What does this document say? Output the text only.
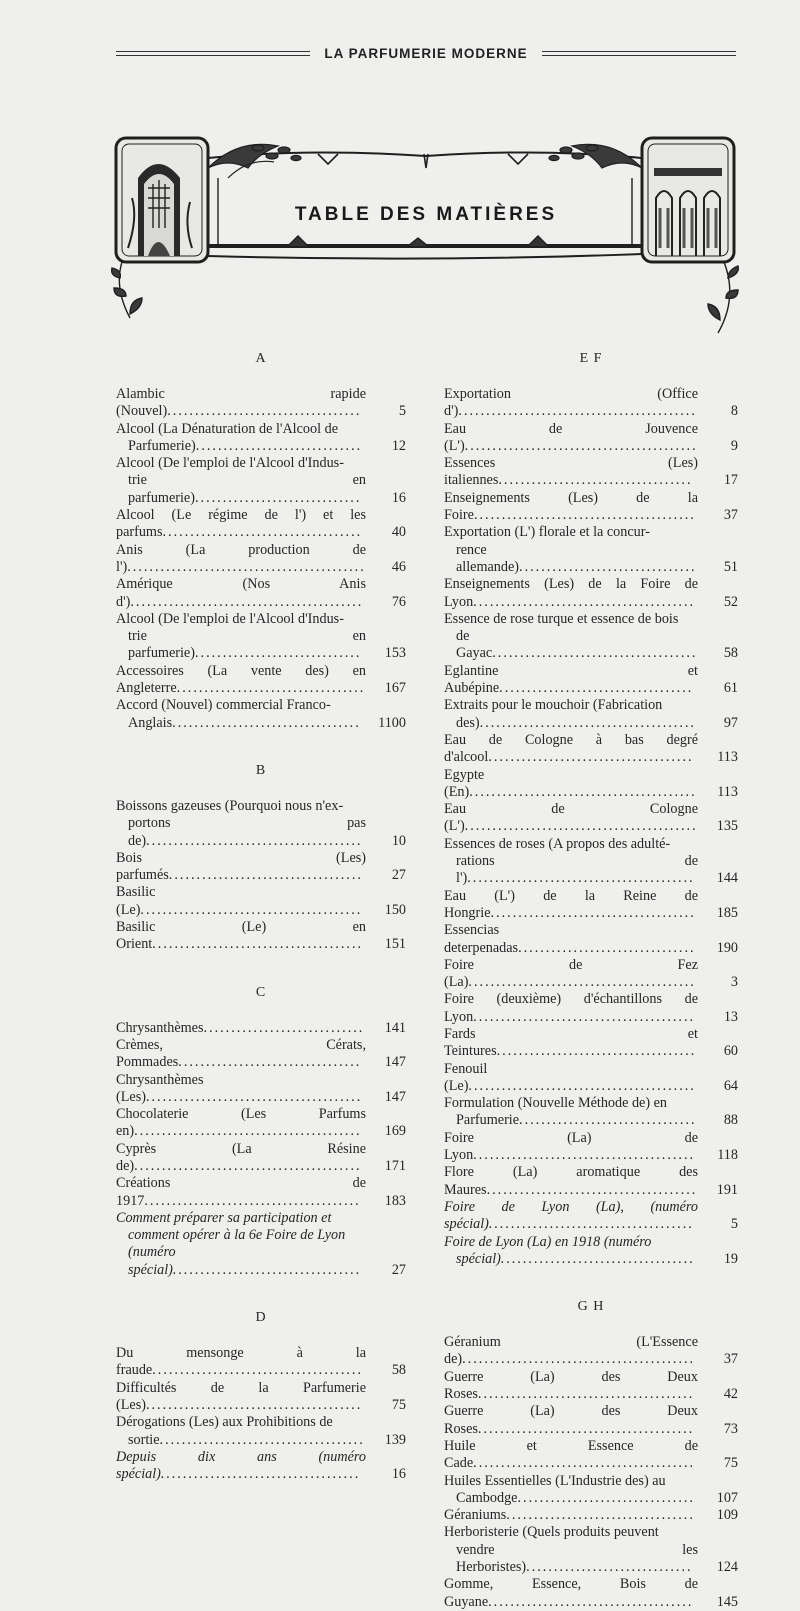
LA PARFUMERIE MODERNE
TABLE DES MATIÈRES
A
Alambic rapide (Nouvel)...................................	5
Alcool (La Dénaturation de l'Alcool de
Parfumerie)..............................	12
Alcool (De l'emploi de l'Alcool d'Indus-
trie en parfumerie)..............................	16
Alcool (Le régime de l') et les parfums....................................	40
Anis (La production de l')...........................................	46
Amérique (Nos Anis d')..........................................	76
Alcool (De l'emploi de l'Alcool d'Indus-
trie en parfumerie)..............................	153
Accessoires (La vente des) en Angleterre..................................	167
Accord (Nouvel) commercial Franco-
Anglais..................................	1100
B
Boissons gazeuses (Pourquoi nous n'ex-
portons pas de).......................................	10
Bois (Les) parfumés...................................	27
Basilic (Le)........................................	150
Basilic (Le) en Orient......................................	151
C
Chrysanthèmes.............................	141
Crèmes, Cérats, Pommades.................................	147
Chrysanthèmes (Les).......................................	147
Chocolaterie (Les Parfums en).........................................	169
Cyprès (La Résine de).........................................	171
Créations de 1917.......................................	183
Comment préparer sa participation et
comment opérer à la 6e Foire de Lyon
(numéro spécial)..................................	27
D
Du mensonge à la fraude......................................	58
Difficultés de la Parfumerie (Les).......................................	75
Dérogations (Les) aux Prohibitions de
sortie.....................................	139
Depuis dix ans (numéro spécial)....................................	16
E F
Exportation (Office d')...........................................	8
Eau de Jouvence (L')..........................................	9
Essences (Les) italiennes...................................	17
Enseignements (Les) de la Foire........................................	37
Exportation (L') florale et la concur-
rence allemande)................................	51
Enseignements (Les) de la Foire de Lyon........................................	52
Essence de rose turque et essence de bois
de Gayac.....................................	58
Eglantine et Aubépine...................................	61
Extraits pour le mouchoir (Fabrication
des).......................................	97
Eau de Cologne à bas degré d'alcool.....................................	113
Egypte (En).........................................	113
Eau de Cologne (L')..........................................	135
Essences de roses (A propos des adulté-
rations de l').........................................	144
Eau (L') de la Reine de Hongrie.....................................	185
Essencias deterpenadas................................	190
Foire de Fez (La).........................................	3
Foire (deuxième) d'échantillons de Lyon........................................	13
Fards et Teintures....................................	60
Fenouil (Le).........................................	64
Formulation (Nouvelle Méthode de) en
Parfumerie................................	88
Foire (La) de Lyon........................................	118
Flore (La) aromatique des Maures......................................	191
Foire de Lyon (La), (numéro spécial).....................................	5
Foire de Lyon (La) en 1918 (numéro
spécial)...................................	19
G H
Géranium (L'Essence de)..........................................	37
Guerre (La) des Deux Roses.......................................	42
Guerre (La) des Deux Roses.......................................	73
Huile et Essence de Cade........................................	75
Huiles Essentielles (L'Industrie des) au
Cambodge................................	107
Géraniums..................................	109
Herboristerie (Quels produits peuvent
vendre les Herboristes)..............................	124
Gomme, Essence, Bois de Guyane.....................................	145
